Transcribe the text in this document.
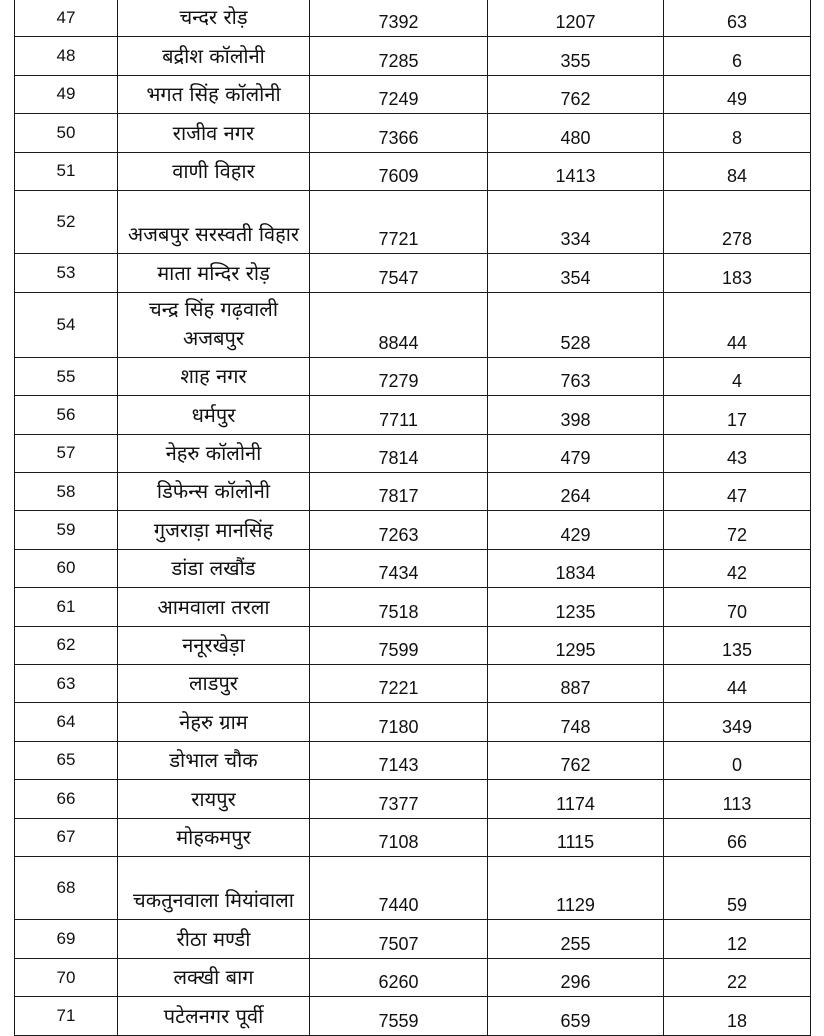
47	चन्दर रोड़	7392	1207	63
48	बद्रीश कॉलोनी	7285	355	6
49	भगत सिंह कॉलोनी	7249	762	49
50	राजीव नगर	7366	480	8
51	वाणी विहार	7609	1413	84
52	अजबपुर सरस्वती विहार	7721	334	278
53	माता मन्दिर रोड़	7547	354	183
54	चन्द्र सिंह गढ़वाली अजबपुर	8844	528	44
55	शाह नगर	7279	763	4
56	धर्मपुर	7711	398	17
57	नेहरु कॉलोनी	7814	479	43
58	डिफेन्स कॉलोनी	7817	264	47
59	गुजराड़ा मानसिंह	7263	429	72
60	डांडा लखौंड	7434	1834	42
61	आमवाला तरला	7518	1235	70
62	ननूरखेड़ा	7599	1295	135
63	लाडपुर	7221	887	44
64	नेहरु ग्राम	7180	748	349
65	डोभाल चौक	7143	762	0
66	रायपुर	7377	1174	113
67	मोहकमपुर	7108	1115	66
68	चकतुनवाला मियांवाला	7440	1129	59
69	रीठा मण्डी	7507	255	12
70	लक्खी बाग	6260	296	22
71	पटेलनगर पूर्वी	7559	659	18
